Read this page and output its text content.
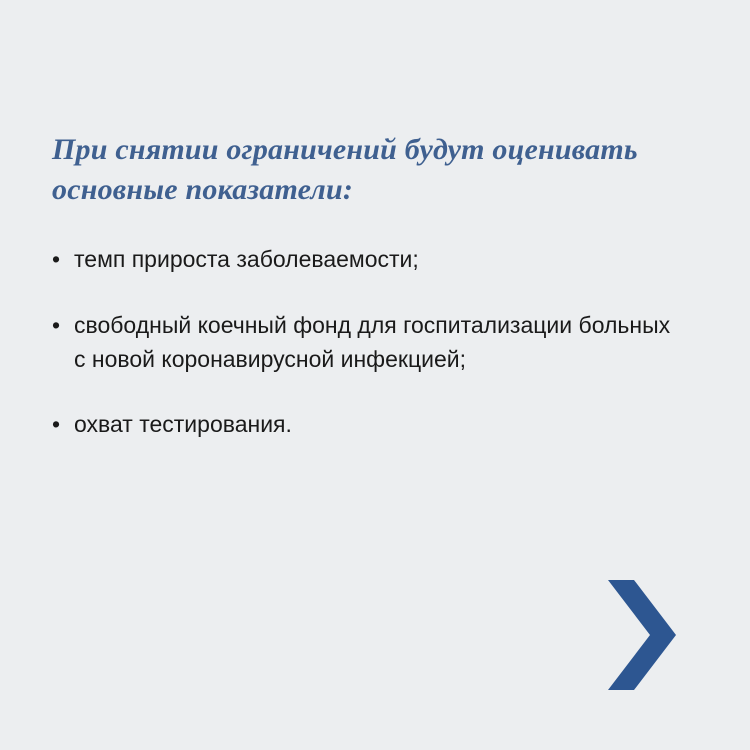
При снятии ограничений будут оценивать основные показатели:
• темп прироста заболеваемости;
• свободный коечный фонд для госпитализации больных с новой коронавирусной инфекцией;
• охват тестирования.
